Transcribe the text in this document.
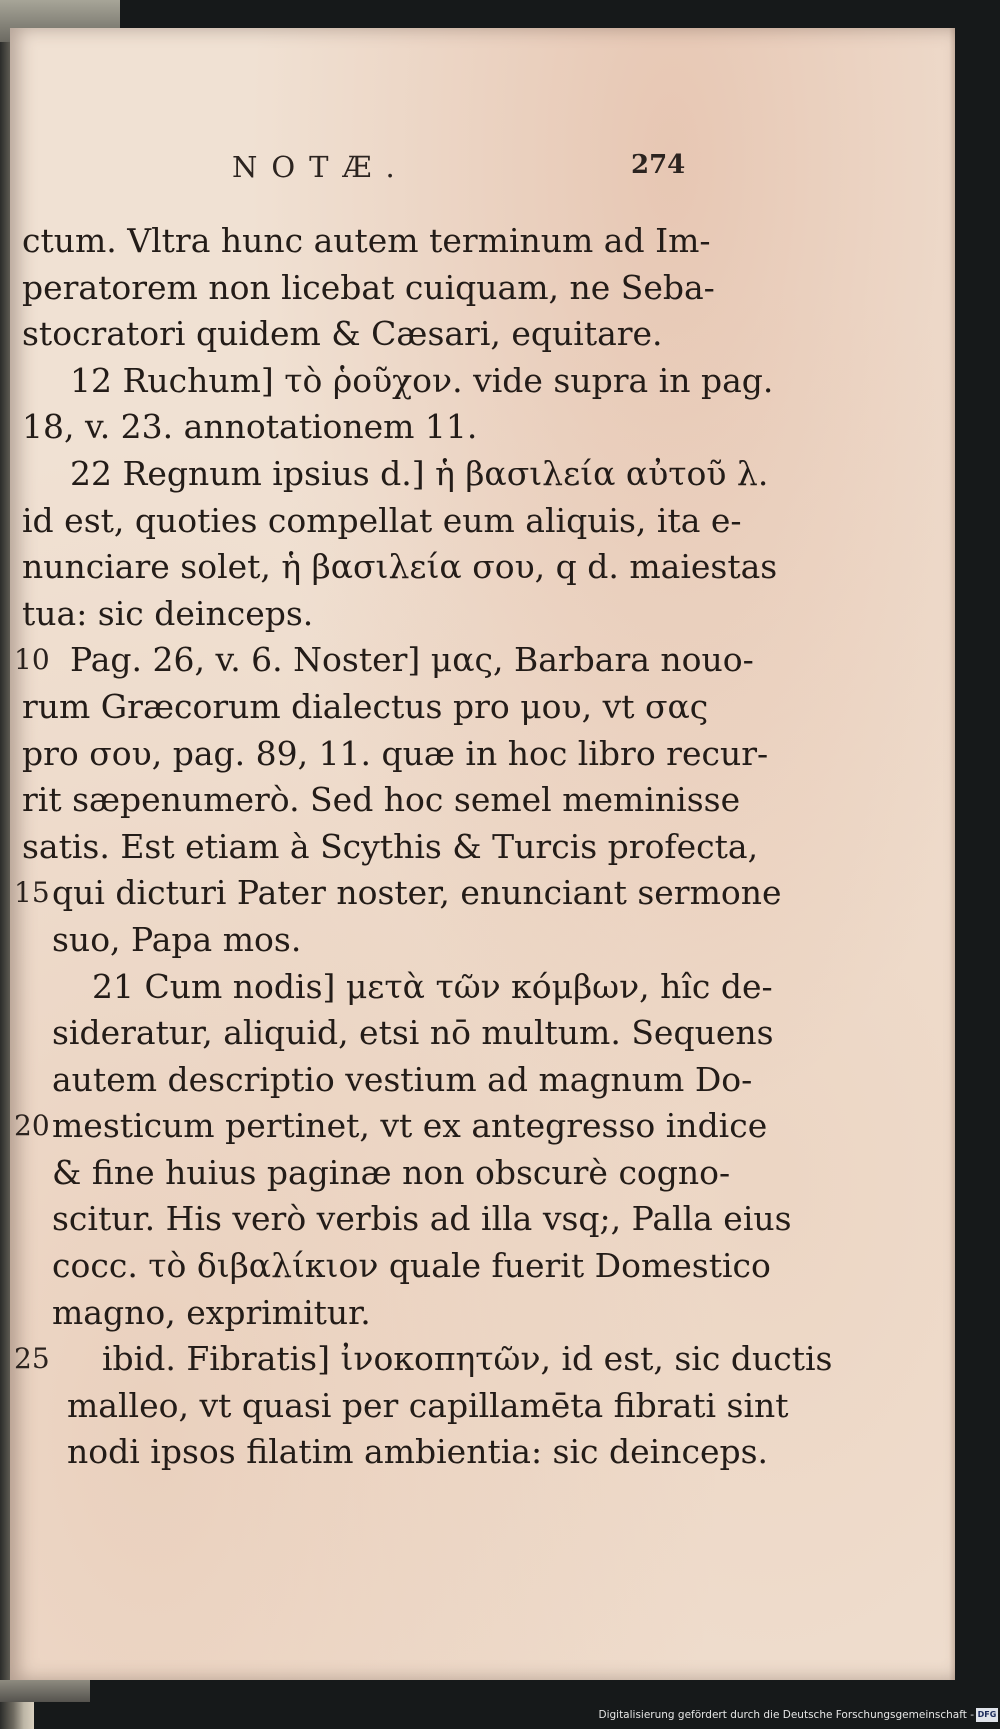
NOTÆ.	274
ctum. Vltra hunc autem terminum ad Im-
peratorem non licebat cuiquam, ne Seba-
stocratori quidem & Cæsari, equitare.
12 Ruchum] τὸ ῥοῦχον. vide supra in pag.
18, v. 23. annotationem 11.
22 Regnum ipsius d.] ἡ βασιλεία αὐτοῦ λ.
id est, quoties compellat eum aliquis, ita e-
nunciare solet, ἡ βασιλεία σου, q d. maiestas
tua: sic deinceps.
10 Pag. 26, v. 6. Noster] μας, Barbara nouo-
rum Græcorum dialectus pro μου, vt σας
pro σου, pag. 89, 11. quæ in hoc libro recur-
rit sæpenumerò. Sed hoc semel meminisse
satis. Est etiam à Scythis & Turcis profecta,
15 qui dicturi Pater noster, enunciant sermone
suo, Papa mos.
21 Cum nodis] μετὰ τῶν κόμβων, hîc de-
sideratur, aliquid, etsi nō multum. Sequens
autem descriptio vestium ad magnum Do-
20 mesticum pertinet, vt ex antegresso indice
& fine huius paginæ non obscurè cogno-
scitur. His verò verbis ad illa vsq;, Palla eius
cocc. τὸ διβαλίκιον quale fuerit Domestico
magno, exprimitur.
25 ibid. Fibratis] ἰνοκοπητῶν, id est, sic ductis
malleo, vt quasi per capillamēta fibrati sint
nodi ipsos filatim ambientia: sic deinceps.
Digitalisierung gefördert durch die Deutsche Forschungsgemeinschaft - DFG
